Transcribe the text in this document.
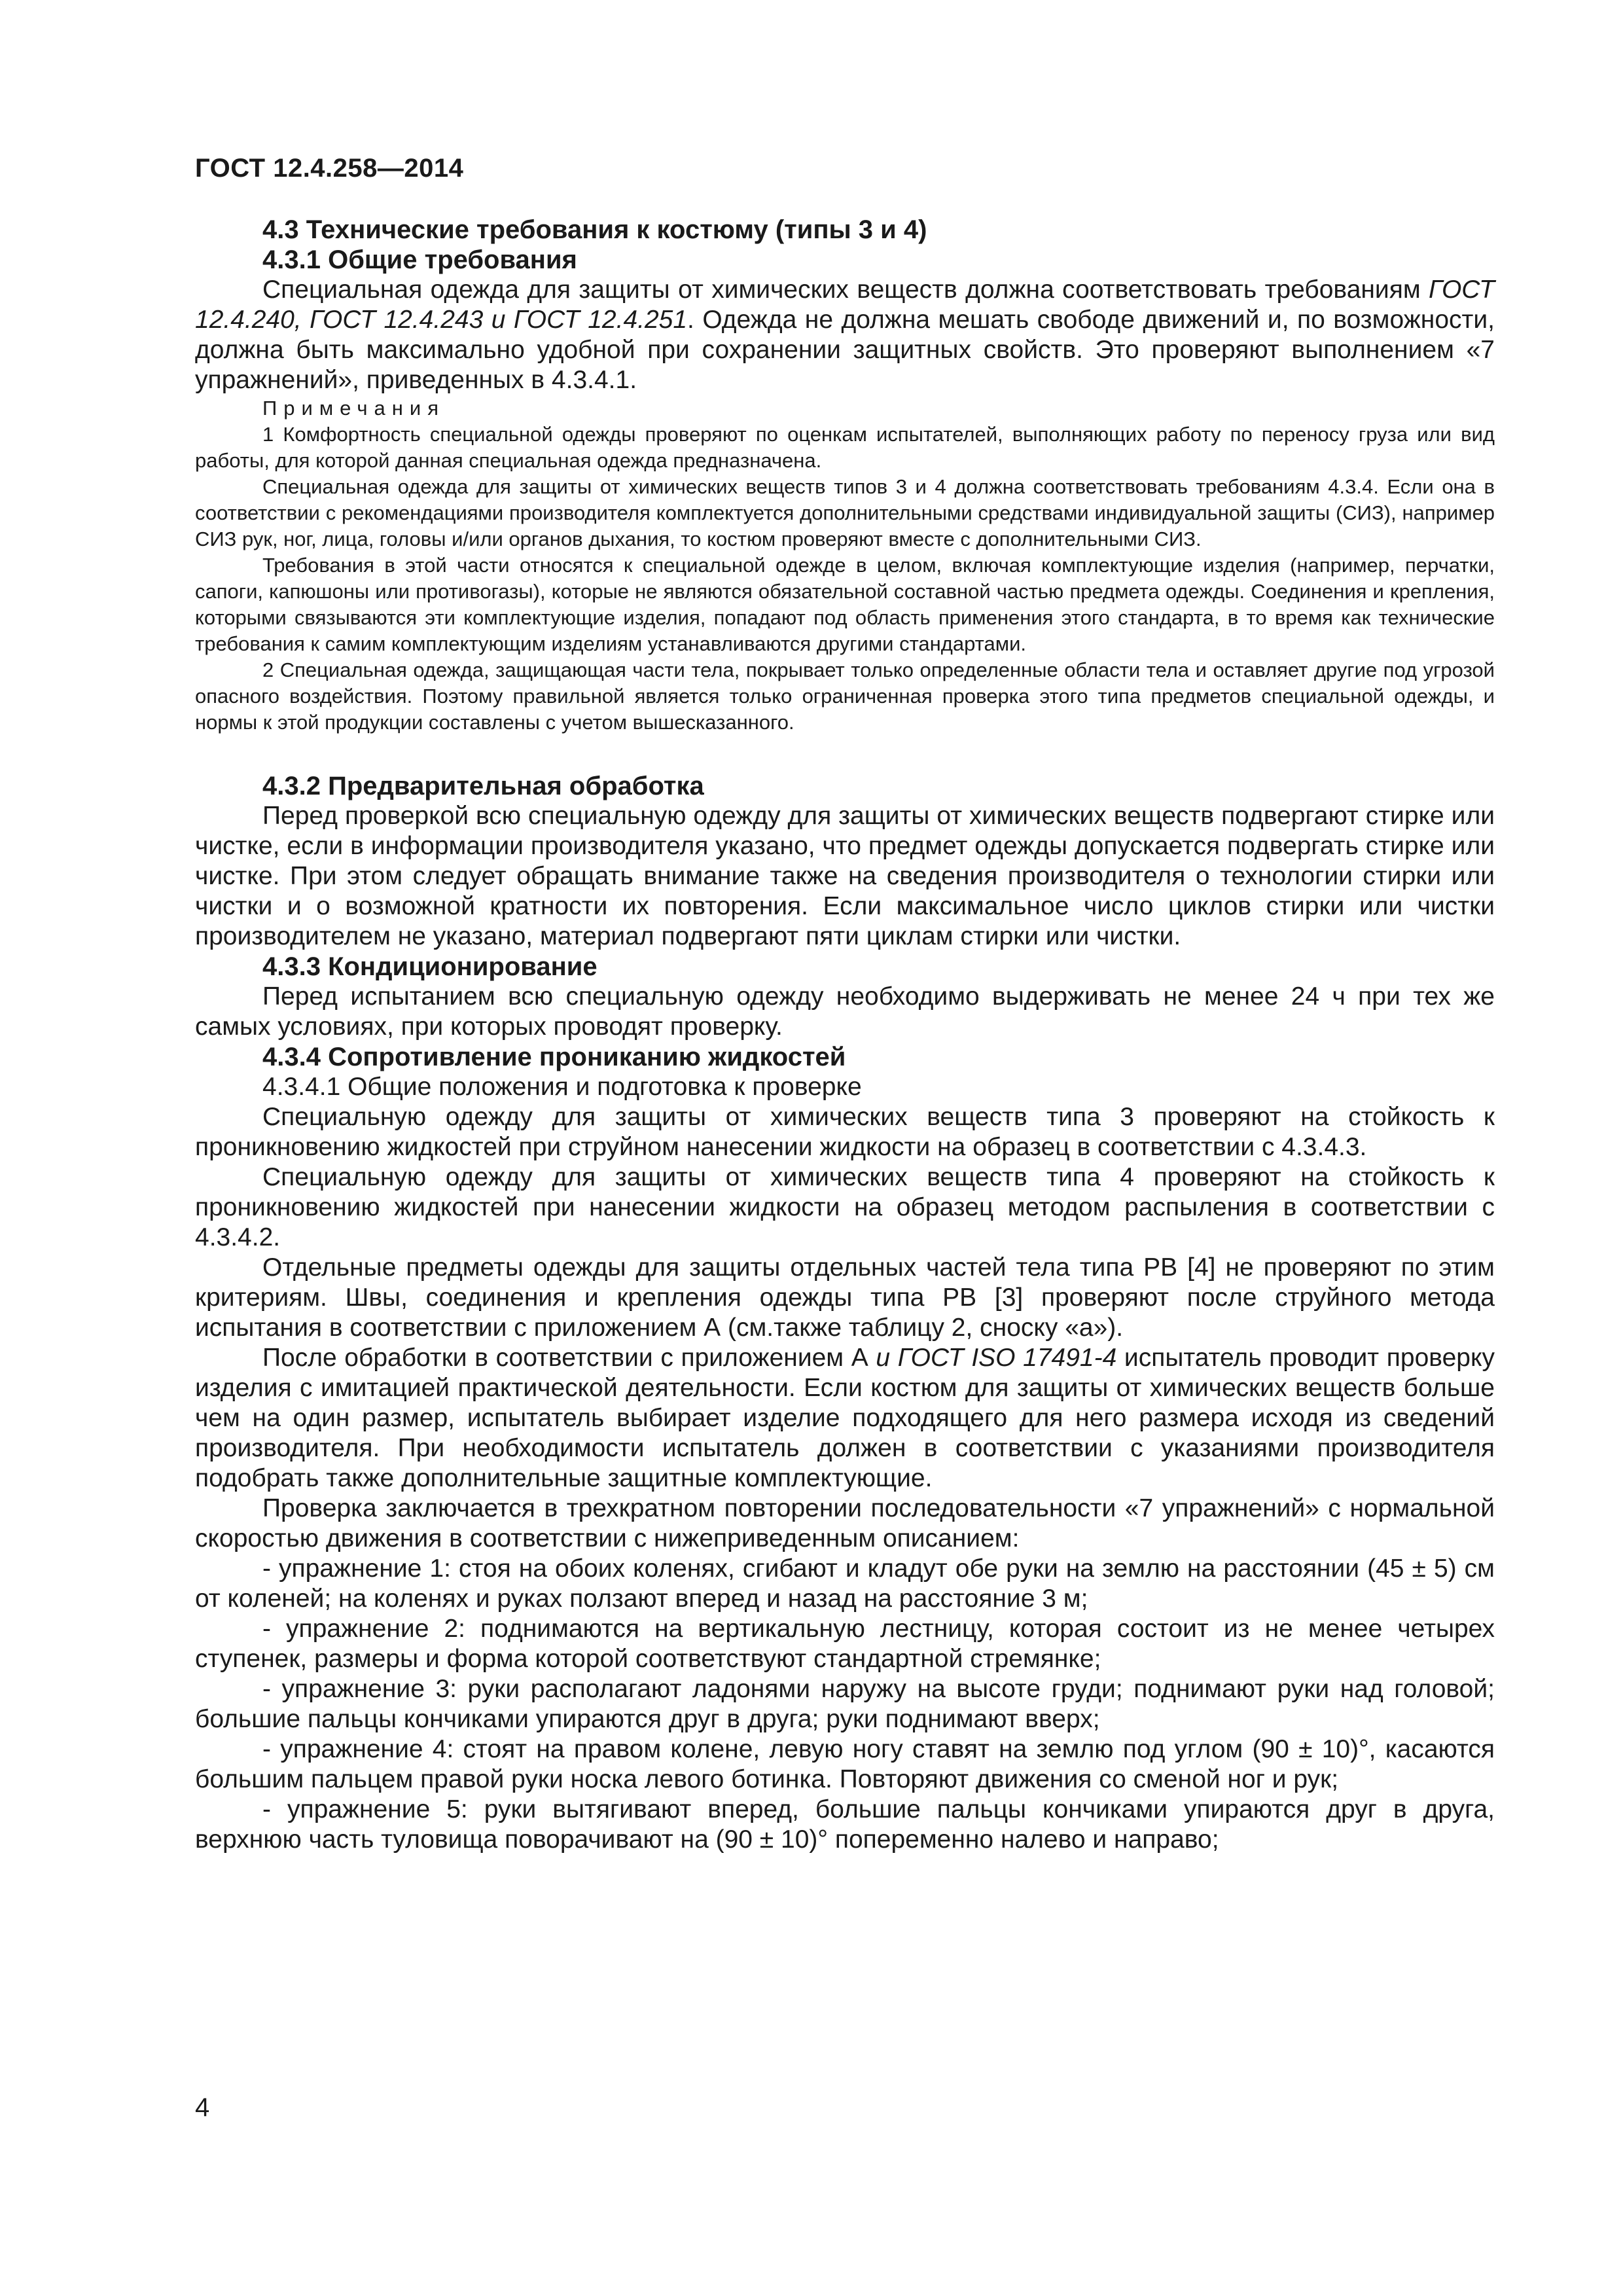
ГОСТ 12.4.258—2014

4.3 Технические требования к костюму (типы 3 и 4)

4.3.1 Общие требования

Специальная одежда для защиты от химических веществ должна соответствовать требованиям ГОСТ 12.4.240, ГОСТ 12.4.243 и ГОСТ 12.4.251. Одежда не должна мешать свободе движений и, по возможности, должна быть максимально удобной при сохранении защитных свойств. Это проверяют выполнением «7 упражнений», приведенных в 4.3.4.1.

Примечания

1 Комфортность специальной одежды проверяют по оценкам испытателей, выполняющих работу по переносу груза или вид работы, для которой данная специальная одежда предназначена.

Специальная одежда для защиты от химических веществ типов 3 и 4 должна соответствовать требованиям 4.3.4. Если она в соответствии с рекомендациями производителя комплектуется дополнительными средствами индивидуальной защиты (СИЗ), например СИЗ рук, ног, лица, головы и/или органов дыхания, то костюм проверяют вместе с дополнительными СИЗ.

Требования в этой части относятся к специальной одежде в целом, включая комплектующие изделия (например, перчатки, сапоги, капюшоны или противогазы), которые не являются обязательной составной частью предмета одежды. Соединения и крепления, которыми связываются эти комплектующие изделия, попадают под область применения этого стандарта, в то время как технические требования к самим комплектующим изделиям устанавливаются другими стандартами.

2 Специальная одежда, защищающая части тела, покрывает только определенные области тела и оставляет другие под угрозой опасного воздействия. Поэтому правильной является только ограниченная проверка этого типа предметов специальной одежды, и нормы к этой продукции составлены с учетом вышесказанного.

4.3.2 Предварительная обработка

Перед проверкой всю специальную одежду для защиты от химических веществ подвергают стирке или чистке, если в информации производителя указано, что предмет одежды допускается подвергать стирке или чистке. При этом следует обращать внимание также на сведения производителя о технологии стирки или чистки и о возможной кратности их повторения. Если максимальное число циклов стирки или чистки производителем не указано, материал подвергают пяти циклам стирки или чистки.

4.3.3 Кондиционирование

Перед испытанием всю специальную одежду необходимо выдерживать не менее 24 ч при тех же самых условиях, при которых проводят проверку.

4.3.4 Сопротивление прониканию жидкостей

4.3.4.1 Общие положения и подготовка к проверке

Специальную одежду для защиты от химических веществ типа 3 проверяют на стойкость к проникновению жидкостей при струйном нанесении жидкости на образец в соответствии с 4.3.4.3.

Специальную одежду для защиты от химических веществ типа 4 проверяют на стойкость к проникновению жидкостей при нанесении жидкости на образец методом распыления в соответствии с 4.3.4.2.

Отдельные предметы одежды для защиты отдельных частей тела типа PB [4] не проверяют по этим критериям. Швы, соединения и крепления одежды типа PB [3] проверяют после струйного метода испытания в соответствии с приложением А (см.также таблицу 2, сноску «а»).

После обработки в соответствии с приложением А и ГОСТ ISO 17491-4 испытатель проводит проверку изделия с имитацией практической деятельности. Если костюм для защиты от химических веществ больше чем на один размер, испытатель выбирает изделие подходящего для него размера исходя из сведений производителя. При необходимости испытатель должен в соответствии с указаниями производителя подобрать также дополнительные защитные комплектующие.

Проверка заключается в трехкратном повторении последовательности «7 упражнений» с нормальной скоростью движения в соответствии с нижеприведенным описанием:

- упражнение 1: стоя на обоих коленях, сгибают и кладут обе руки на землю на расстоянии (45 ± 5) см от коленей; на коленях и руках ползают вперед и назад на расстояние 3 м;

- упражнение 2: поднимаются на вертикальную лестницу, которая состоит из не менее четырех ступенек, размеры и форма которой соответствуют стандартной стремянке;

- упражнение 3: руки располагают ладонями наружу на высоте груди; поднимают руки над головой; большие пальцы кончиками упираются друг в друга; руки поднимают вверх;

- упражнение 4: стоят на правом колене, левую ногу ставят на землю под углом (90 ± 10)°, касаются большим пальцем правой руки носка левого ботинка. Повторяют движения со сменой ног и рук;

- упражнение 5: руки вытягивают вперед, большие пальцы кончиками упираются друг в друга, верхнюю часть туловища поворачивают на (90 ± 10)° попеременно налево и направо;

4
